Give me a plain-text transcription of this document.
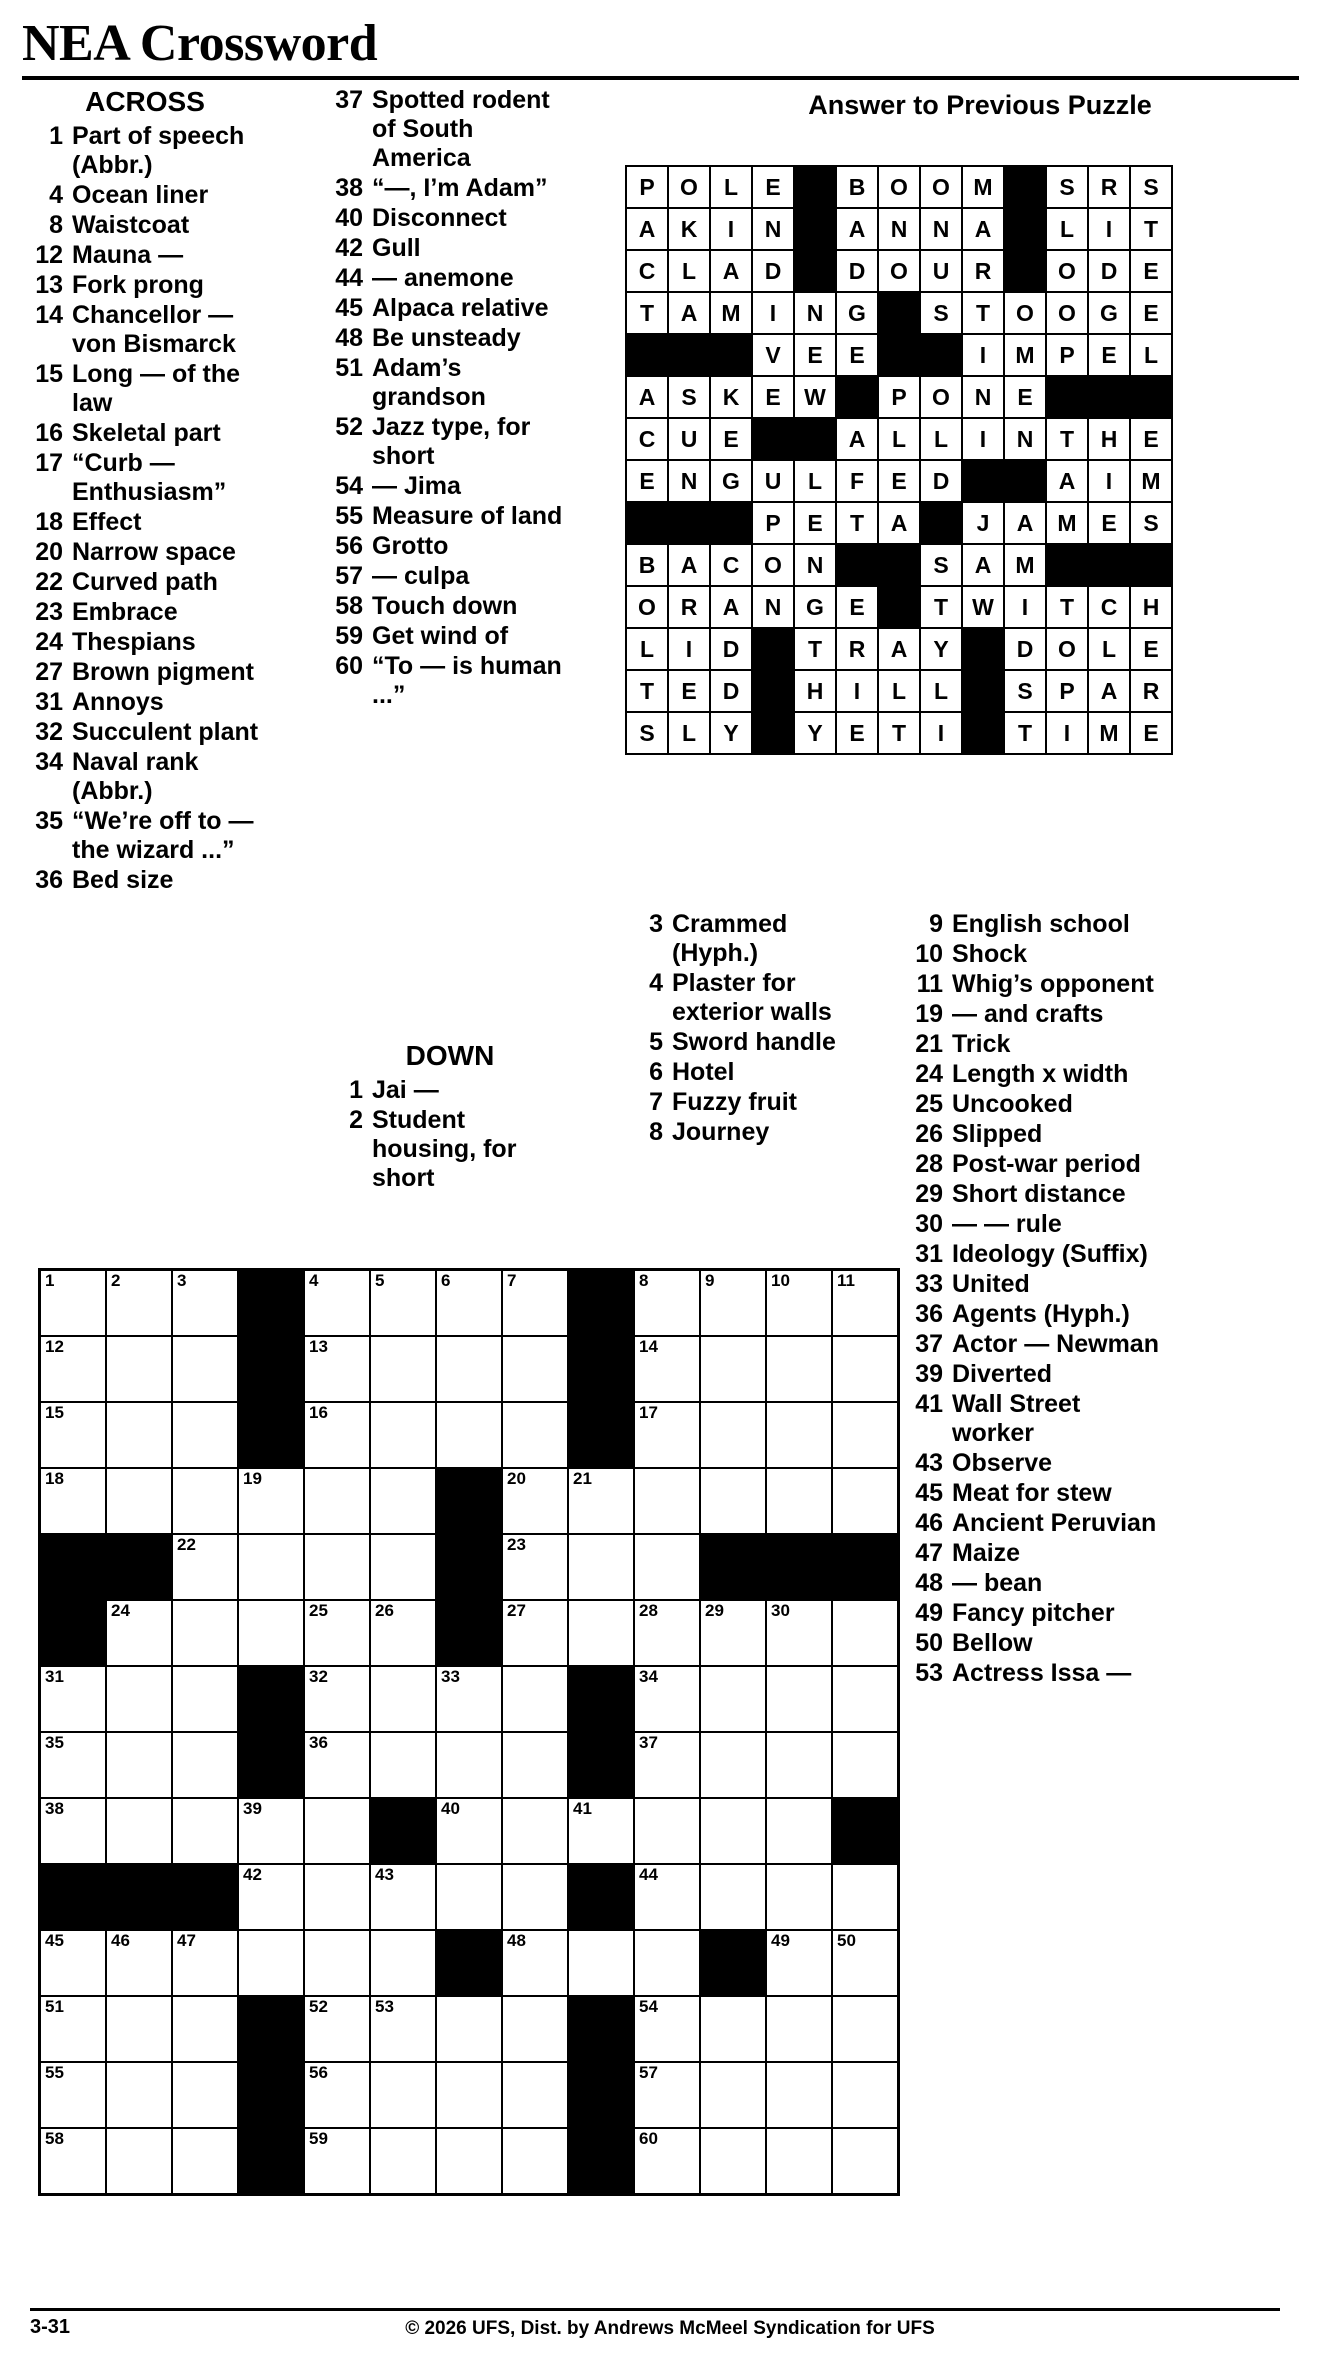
NEA Crossword
ACROSS
1 Part of speech (Abbr.)
4 Ocean liner
8 Waistcoat
12 Mauna —
13 Fork prong
14 Chancellor — von Bismarck
15 Long — of the law
16 Skeletal part
17 “Curb — Enthusiasm”
18 Effect
20 Narrow space
22 Curved path
23 Embrace
24 Thespians
27 Brown pigment
31 Annoys
32 Succulent plant
34 Naval rank (Abbr.)
35 “We’re off to — the wizard ...”
36 Bed size
37 Spotted rodent of South America
38 “—, I’m Adam”
40 Disconnect
42 Gull
44 — anemone
45 Alpaca relative
48 Be unsteady
51 Adam’s grandson
52 Jazz type, for short
54 — Jima
55 Measure of land
56 Grotto
57 — culpa
58 Touch down
59 Get wind of
60 “To — is human ...”
DOWN
1 Jai —
2 Student housing, for short
3 Crammed (Hyph.)
4 Plaster for exterior walls
5 Sword handle
6 Hotel
7 Fuzzy fruit
8 Journey
9 English school
10 Shock
11 Whig’s opponent
19 — and crafts
21 Trick
24 Length x width
25 Uncooked
26 Slipped
28 Post-war period
29 Short distance
30 — — rule
31 Ideology (Suffix)
33 United
36 Agents (Hyph.)
37 Actor — Newman
39 Diverted
41 Wall Street worker
43 Observe
45 Meat for stew
46 Ancient Peruvian
47 Maize
48 — bean
49 Fancy pitcher
50 Bellow
53 Actress Issa —
Answer to Previous Puzzle
P	O	L	E		B	O	O	M		S	R	S
A	K	I	N		A	N	N	A		L	I	T
C	L	A	D		D	O	U	R		O	D	E
T	A	M	I	N	G		S	T	O	O	G	E
			V	E	E			I	M	P	E	L
A	S	K	E	W		P	O	N	E			
C	U	E			A	L	L	I	N	T	H	E
E	N	G	U	L	F	E	D			A	I	M
			P	E	T	A		J	A	M	E	S
B	A	C	O	N			S	A	M			
O	R	A	N	G	E		T	W	I	T	C	H
L	I	D		T	R	A	Y		D	O	L	E
T	E	D		H	I	L	L		S	P	A	R
S	L	Y		Y	E	T	I		T	I	M	E
1	2	3		4	5	6	7		8	9	10	11

12				13					14			

15				16					17			

18			19				20	21				

		22					23					

	24			25	26		27		28	29	30	

31				32		33			34			

35				36					37			

38			39			40		41				

			42		43				44			

45	46	47					48				49	50

51				52	53				54			

55				56					57			

58				59					60			

3-31	© 2026 UFS, Dist. by Andrews McMeel Syndication for UFS
